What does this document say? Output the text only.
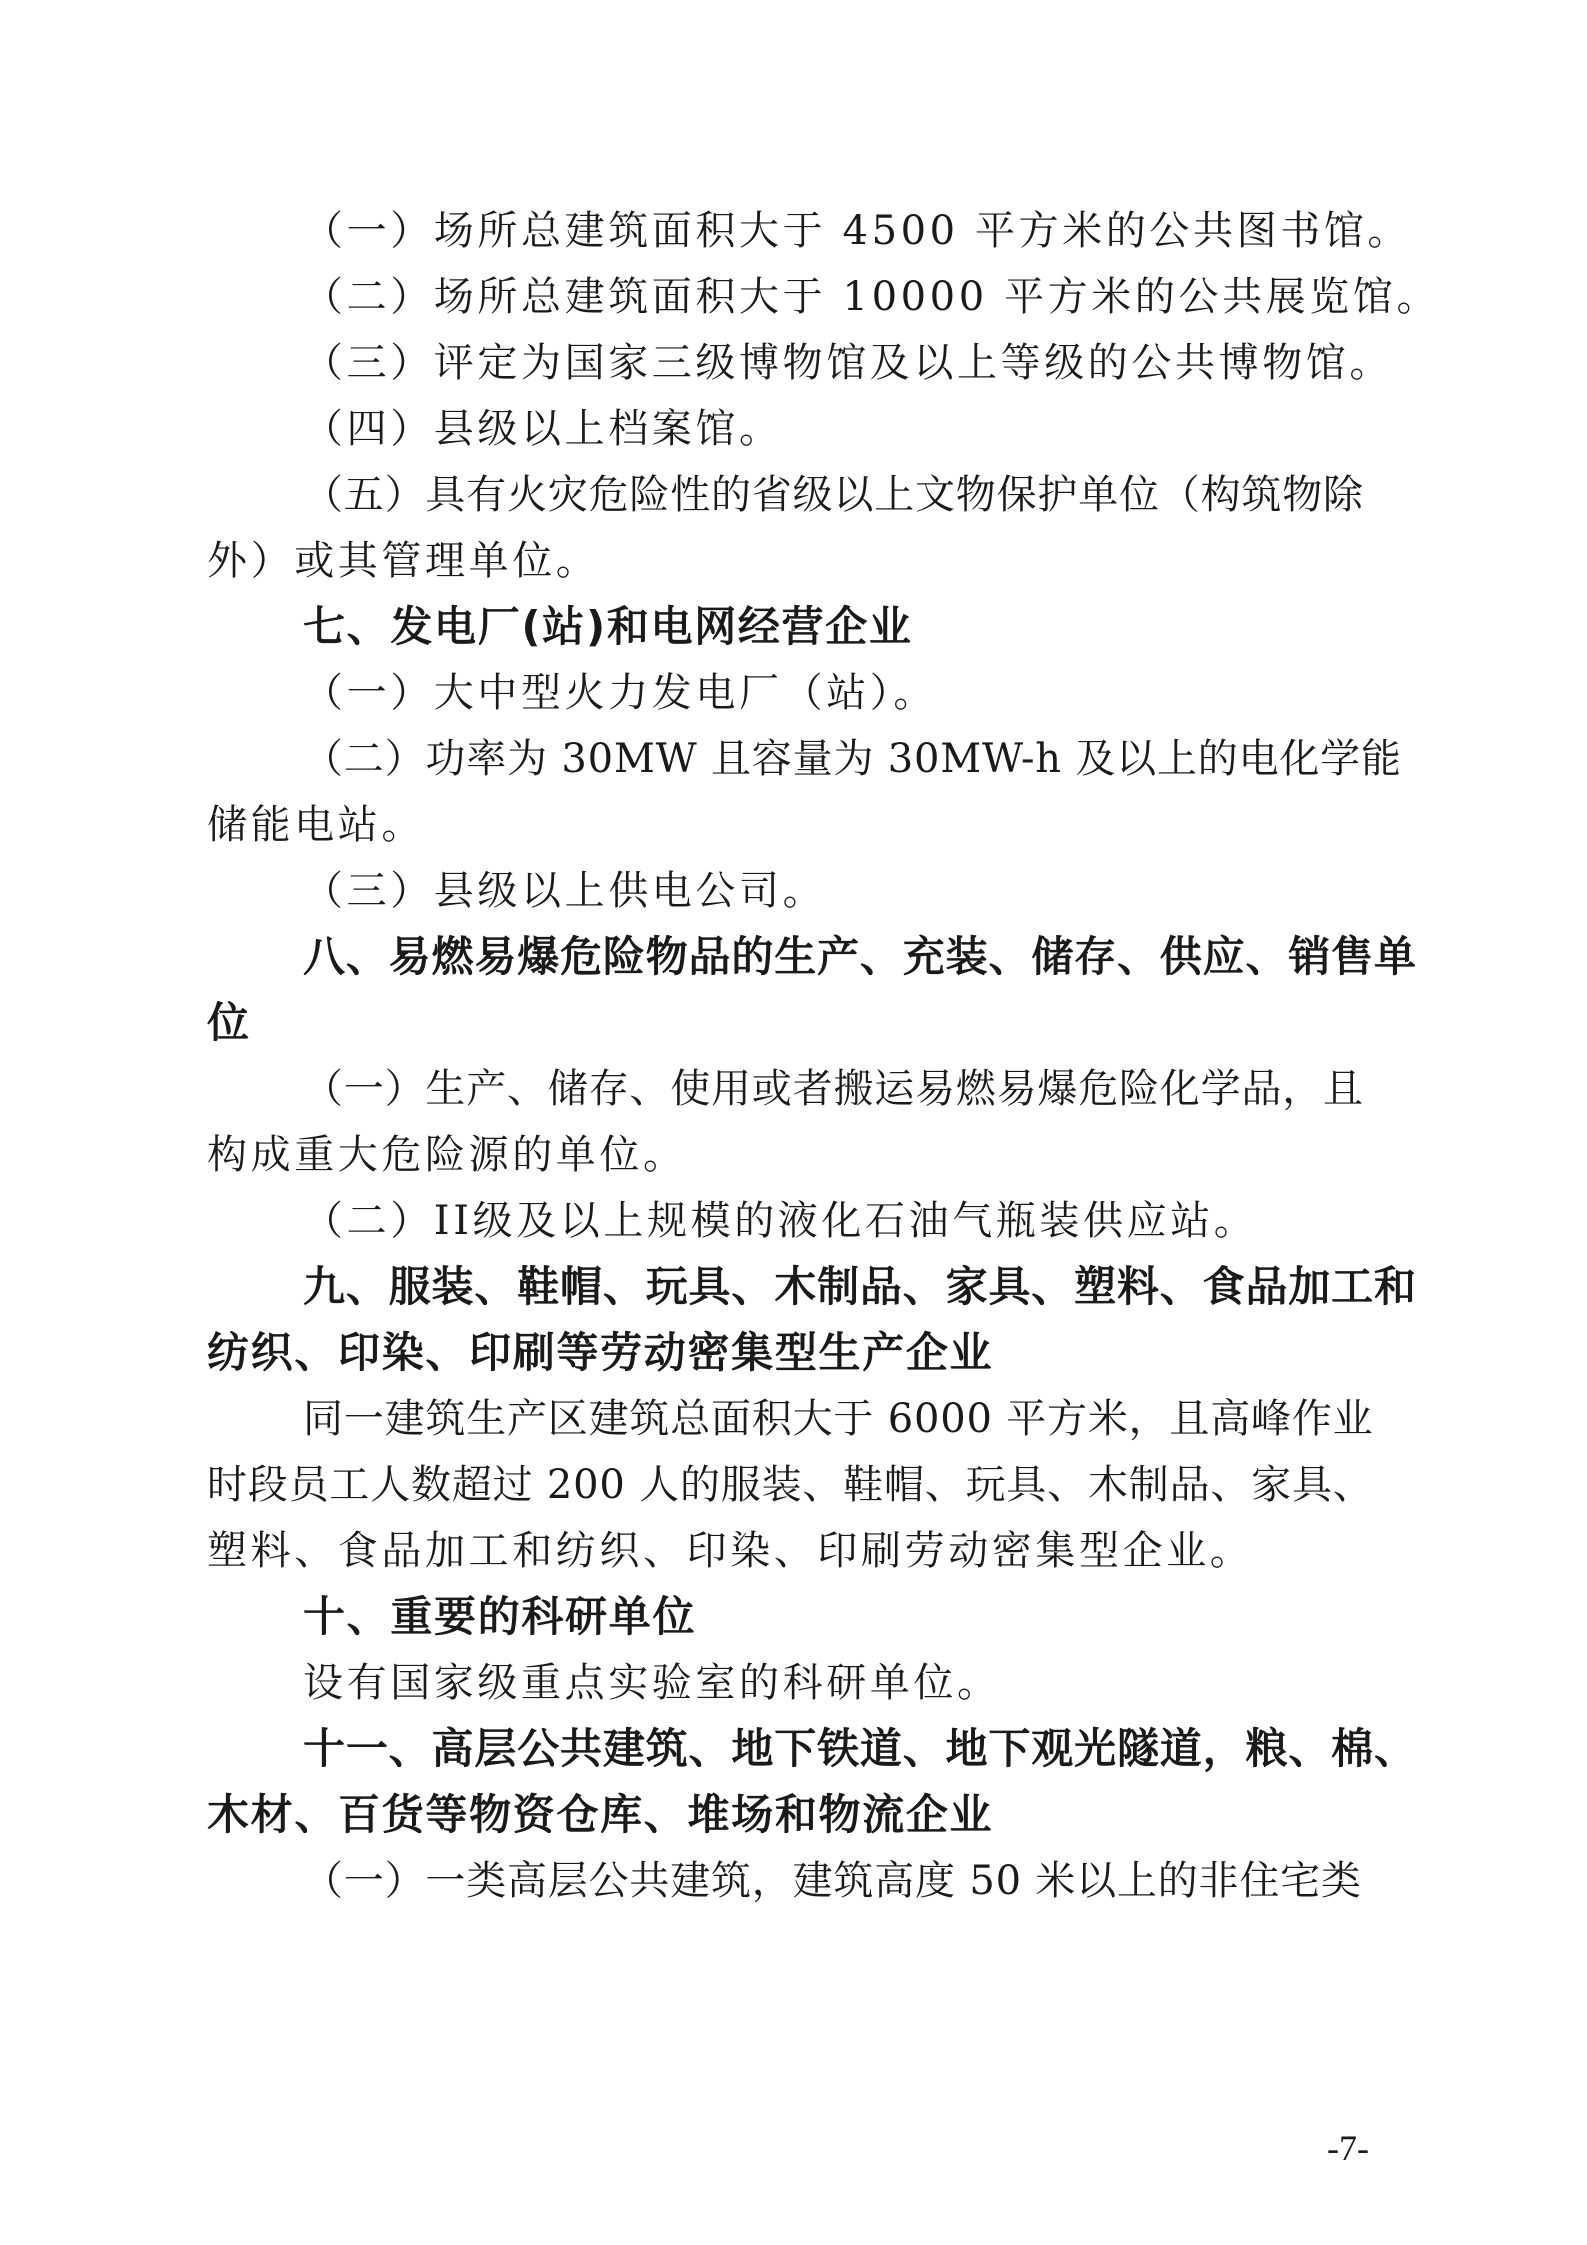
（一）场所总建筑面积大于 4500 平方米的公共图书馆。
（二）场所总建筑面积大于 10000 平方米的公共展览馆。
（三）评定为国家三级博物馆及以上等级的公共博物馆。
（四）县级以上档案馆。
（五）具有火灾危险性的省级以上文物保护单位（构筑物除
外）或其管理单位。
七、发电厂(站)和电网经营企业
（一）大中型火力发电厂（站）。
（二）功率为 30MW 且容量为 30MW-h 及以上的电化学能
储能电站。
（三）县级以上供电公司。
八、易燃易爆危险物品的生产、充装、储存、供应、销售单
位
（一）生产、储存、使用或者搬运易燃易爆危险化学品，且
构成重大危险源的单位。
（二）II级及以上规模的液化石油气瓶装供应站。
九、服装、鞋帽、玩具、木制品、家具、塑料、食品加工和
纺织、印染、印刷等劳动密集型生产企业
同一建筑生产区建筑总面积大于 6000 平方米，且高峰作业
时段员工人数超过 200 人的服装、鞋帽、玩具、木制品、家具、
塑料、食品加工和纺织、印染、印刷劳动密集型企业。
十、重要的科研单位
设有国家级重点实验室的科研单位。
十一、高层公共建筑、地下铁道、地下观光隧道，粮、棉、
木材、百货等物资仓库、堆场和物流企业
（一）一类高层公共建筑，建筑高度 50 米以上的非住宅类
-7-
